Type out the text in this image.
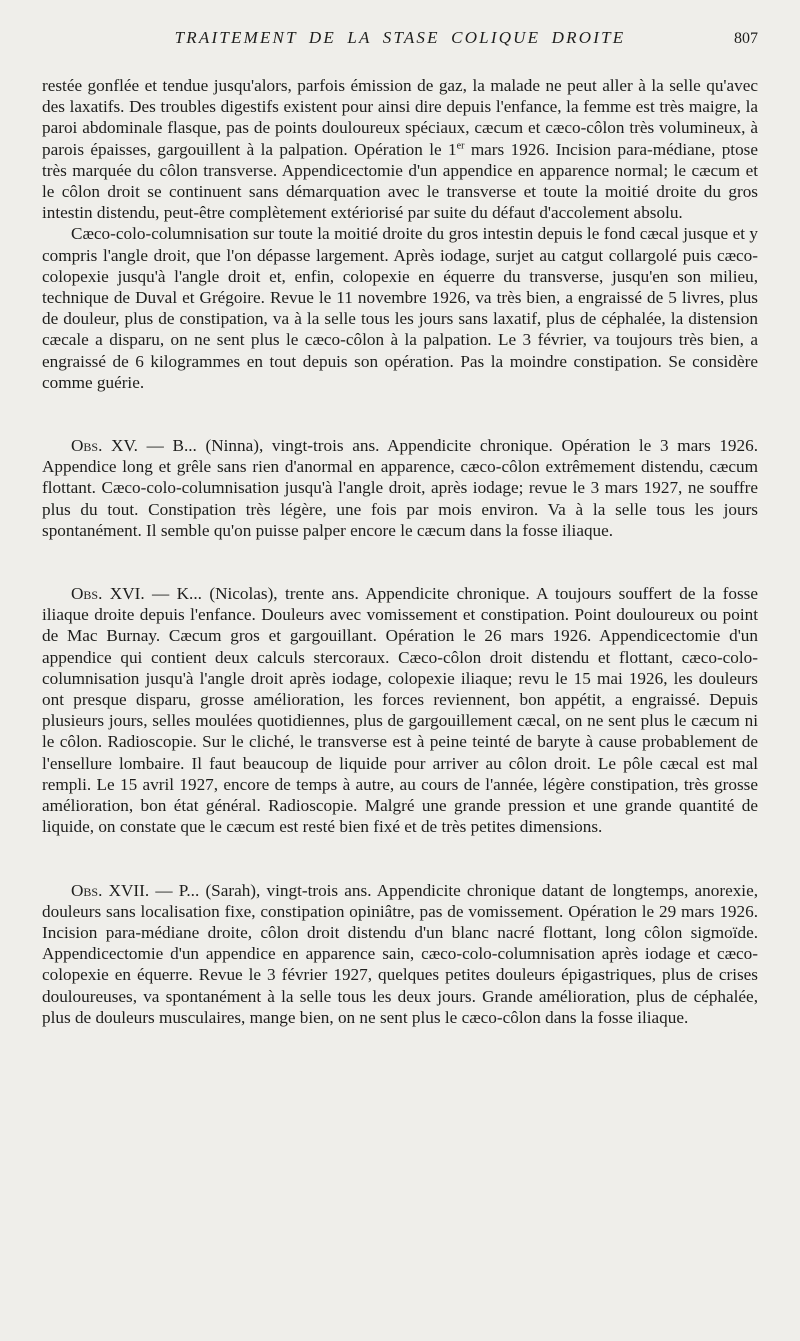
TRAITEMENT DE LA STASE COLIQUE DROITE	807

restée gonflée et tendue jusqu'alors, parfois émission de gaz, la malade ne peut aller à la selle qu'avec des laxatifs. Des troubles digestifs existent pour ainsi dire depuis l'enfance, la femme est très maigre, la paroi abdominale flasque, pas de points douloureux spéciaux, cæcum et cæco-côlon très volumineux, à parois épaisses, gargouillent à la palpation. Opération le 1er mars 1926. Incision para-médiane, ptose très marquée du côlon transverse. Appendicectomie d'un appendice en apparence normal; le cæcum et le côlon droit se continuent sans démarquation avec le transverse et toute la moitié droite du gros intestin distendu, peut-être complètement extériorisé par suite du défaut d'accolement absolu.

Cæco-colo-columnisation sur toute la moitié droite du gros intestin depuis le fond cæcal jusque et y compris l'angle droit, que l'on dépasse largement. Après iodage, surjet au catgut collargolé puis cæco-colopexie jusqu'à l'angle droit et, enfin, colopexie en équerre du transverse, jusqu'en son milieu, technique de Duval et Grégoire. Revue le 11 novembre 1926, va très bien, a engraissé de 5 livres, plus de douleur, plus de constipation, va à la selle tous les jours sans laxatif, plus de céphalée, la distension cæcale a disparu, on ne sent plus le cæco-côlon à la palpation. Le 3 février, va toujours très bien, a engraissé de 6 kilogrammes en tout depuis son opération. Pas la moindre constipation. Se considère comme guérie.

Obs. XV. — B... (Ninna), vingt-trois ans. Appendicite chronique. Opération le 3 mars 1926. Appendice long et grêle sans rien d'anormal en apparence, cæco-côlon extrêmement distendu, cæcum flottant. Cæco-colo-columnisation jusqu'à l'angle droit, après iodage; revue le 3 mars 1927, ne souffre plus du tout. Constipation très légère, une fois par mois environ. Va à la selle tous les jours spontanément. Il semble qu'on puisse palper encore le cæcum dans la fosse iliaque.

Obs. XVI. — K... (Nicolas), trente ans. Appendicite chronique. A toujours souffert de la fosse iliaque droite depuis l'enfance. Douleurs avec vomissement et constipation. Point douloureux ou point de Mac Burnay. Cæcum gros et gargouillant. Opération le 26 mars 1926. Appendicectomie d'un appendice qui contient deux calculs stercoraux. Cæco-côlon droit distendu et flottant, cæco-colo-columnisation jusqu'à l'angle droit après iodage, colopexie iliaque; revu le 15 mai 1926, les douleurs ont presque disparu, grosse amélioration, les forces reviennent, bon appétit, a engraissé. Depuis plusieurs jours, selles moulées quotidiennes, plus de gargouillement cæcal, on ne sent plus le cæcum ni le côlon. Radioscopie. Sur le cliché, le transverse est à peine teinté de baryte à cause probablement de l'ensellure lombaire. Il faut beaucoup de liquide pour arriver au côlon droit. Le pôle cæcal est mal rempli. Le 15 avril 1927, encore de temps à autre, au cours de l'année, légère constipation, très grosse amélioration, bon état général. Radioscopie. Malgré une grande pression et une grande quantité de liquide, on constate que le cæcum est resté bien fixé et de très petites dimensions.

Obs. XVII. — P... (Sarah), vingt-trois ans. Appendicite chronique datant de longtemps, anorexie, douleurs sans localisation fixe, constipation opiniâtre, pas de vomissement. Opération le 29 mars 1926. Incision para-médiane droite, côlon droit distendu d'un blanc nacré flottant, long côlon sigmoïde. Appendicectomie d'un appendice en apparence sain, cæco-colo-columnisation après iodage et cæco-colopexie en équerre. Revue le 3 février 1927, quelques petites douleurs épigastriques, plus de crises douloureuses, va spontanément à la selle tous les deux jours. Grande amélioration, plus de céphalée, plus de douleurs musculaires, mange bien, on ne sent plus le cæco-côlon dans la fosse iliaque.
